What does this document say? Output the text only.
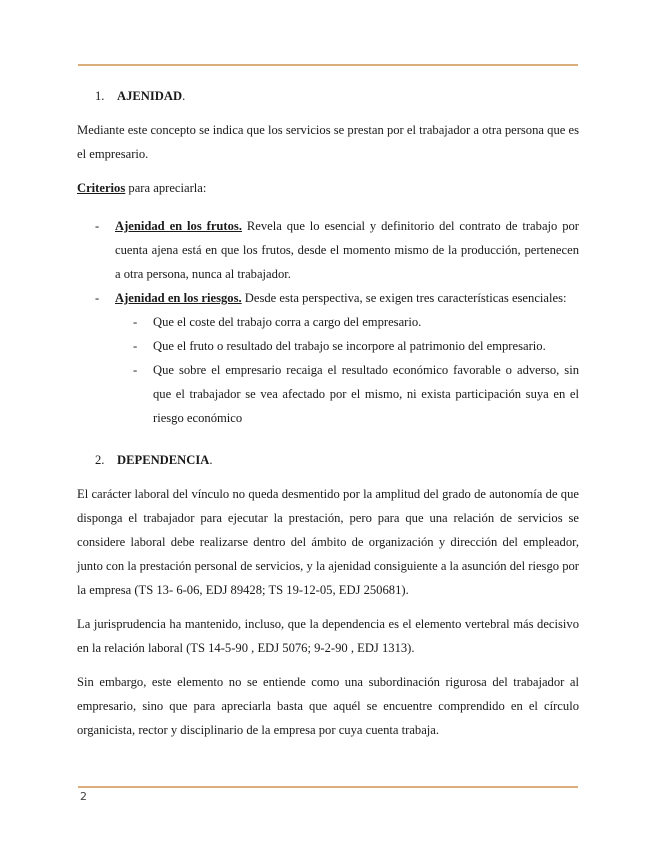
1. AJENIDAD .

Mediante este concepto se indica que los servicios se prestan por el trabajador a otra persona que es el empresario.

Criterios para apreciarla:
- Ajenidad en los frutos. Revela que lo esencial y definitorio del contrato de trabajo por cuenta ajena está en que los frutos, desde el momento mismo de la producción, pertenecen a otra persona, nunca al trabajador.
- Ajenidad en los riesgos. Desde esta perspectiva, se exigen tres características esenciales:
- Que el coste del trabajo corra a cargo del empresario.
- Que el fruto o resultado del trabajo se incorpore al patrimonio del empresario.
- Que sobre el empresario recaiga el resultado económico favorable o adverso, sin que el trabajador se vea afectado por el mismo, ni exista participación suya en el riesgo económico
2. DEPENDENCIA .

El carácter laboral del vínculo no queda desmentido por la amplitud del grado de autonomía de que disponga el trabajador para ejecutar la prestación, pero para que una relación de servicios se considere laboral debe realizarse dentro del ámbito de organización y dirección del empleador, junto con la prestación personal de servicios, y la ajenidad consiguiente a la asunción del riesgo por la empresa (TS 13- 6-06, EDJ 89428; TS 19-12-05, EDJ 250681).

La jurisprudencia ha mantenido, incluso, que la dependencia es el elemento vertebral más decisivo en la relación laboral (TS 14-5-90 , EDJ 5076; 9-2-90 , EDJ 1313).

Sin embargo, este elemento no se entiende como una subordinación rigurosa del trabajador al empresario, sino que para apreciarla basta que aquél se encuentre comprendido en el círculo organicista, rector y disciplinario de la empresa por cuya cuenta trabaja.

2
